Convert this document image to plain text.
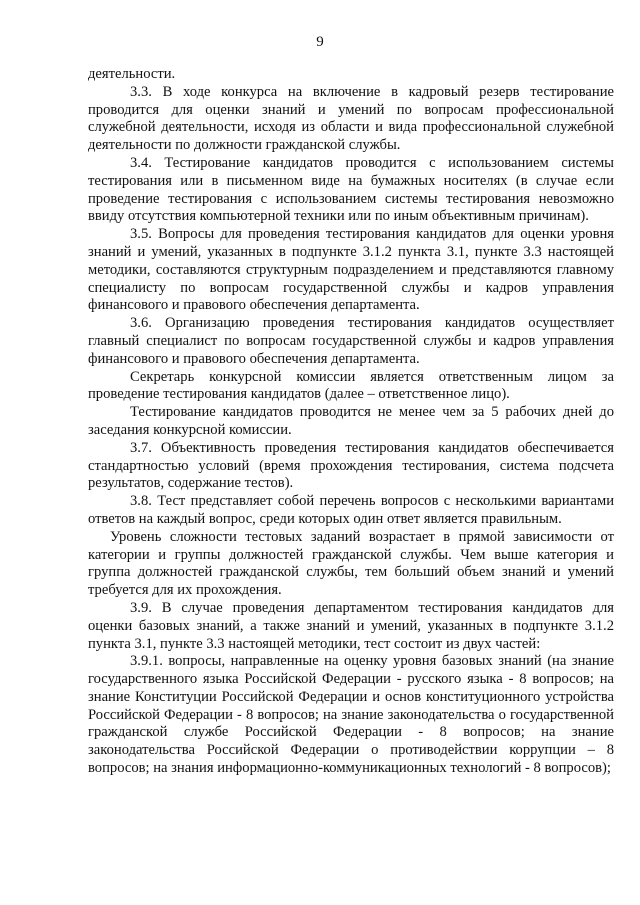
9

деятельности.

3.3. В ходе конкурса на включение в кадровый резерв тестирование проводится для оценки знаний и умений по вопросам профессиональной служебной деятельности, исходя из области и вида профессиональной служебной деятельности по должности гражданской службы.

3.4. Тестирование кандидатов проводится с использованием системы тестирования или в письменном виде на бумажных носителях (в случае если проведение тестирования с использованием системы тестирования невозможно ввиду отсутствия компьютерной техники или по иным объективным причинам).

3.5. Вопросы для проведения тестирования кандидатов для оценки уровня знаний и умений, указанных в подпункте 3.1.2 пункта 3.1, пункте 3.3 настоящей методики, составляются структурным подразделением и представляются главному специалисту по вопросам государственной службы и кадров управления финансового и правового обеспечения департамента.

3.6. Организацию проведения тестирования кандидатов осуществляет главный специалист по вопросам государственной службы и кадров управления финансового и правового обеспечения департамента.

Секретарь конкурсной комиссии является ответственным лицом за проведение тестирования кандидатов (далее – ответственное лицо).

Тестирование кандидатов проводится не менее чем за 5 рабочих дней до заседания конкурсной комиссии.

3.7. Объективность проведения тестирования кандидатов обеспечивается стандартностью условий (время прохождения тестирования, система подсчета результатов, содержание тестов).

3.8. Тест представляет собой перечень вопросов с несколькими вариантами ответов на каждый вопрос, среди которых один ответ является правильным.

Уровень сложности тестовых заданий возрастает в прямой зависимости от категории и группы должностей гражданской службы. Чем выше категория и группа должностей гражданской службы, тем больший объем знаний и умений требуется для их прохождения.

3.9. В случае проведения департаментом тестирования кандидатов для оценки базовых знаний, а также знаний и умений, указанных в подпункте 3.1.2 пункта 3.1, пункте 3.3 настоящей методики, тест состоит из двух частей:

3.9.1. вопросы, направленные на оценку уровня базовых знаний (на знание государственного языка Российской Федерации - русского языка - 8 вопросов; на знание Конституции Российской Федерации и основ конституционного устройства Российской Федерации - 8 вопросов; на знание законодательства о государственной гражданской службе Российской Федерации - 8 вопросов; на знание законодательства Российской Федерации о противодействии коррупции – 8 вопросов; на знания информационно-коммуникационных технологий - 8 вопросов);
